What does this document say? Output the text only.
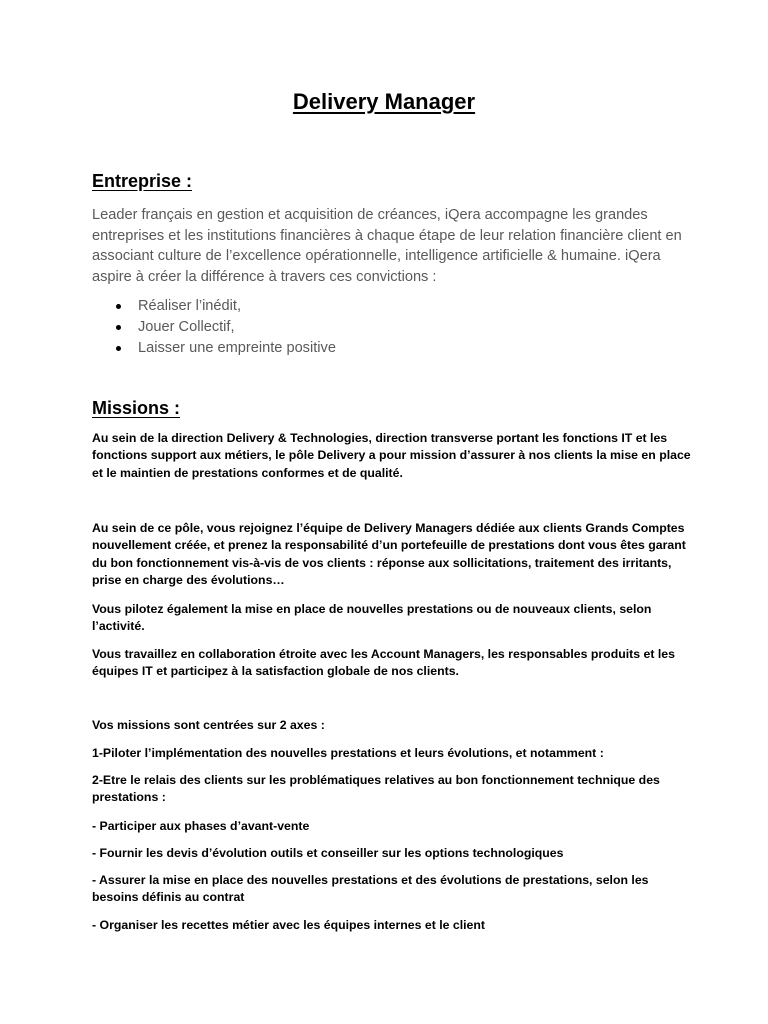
Delivery Manager
Entreprise :

Leader français en gestion et acquisition de créances, iQera accompagne les grandes entreprises et les institutions financières à chaque étape de leur relation financière client en associant culture de l’excellence opérationnelle, intelligence artificielle & humaine. iQera aspire à créer la différence à travers ces convictions :

Réaliser l’inédit,
Jouer Collectif,
Laisser une empreinte positive
Missions :

Au sein de la direction Delivery & Technologies, direction transverse portant les fonctions IT et les fonctions support aux métiers, le pôle Delivery a pour mission d’assurer à nos clients la mise en place et le maintien de prestations conformes et de qualité.

Au sein de ce pôle, vous rejoignez l’équipe de Delivery Managers dédiée aux clients Grands Comptes nouvellement créée, et prenez la responsabilité d’un portefeuille de prestations dont vous êtes garant du bon fonctionnement vis-à-vis de vos clients : réponse aux sollicitations, traitement des irritants, prise en charge des évolutions…

Vous pilotez également la mise en place de nouvelles prestations ou de nouveaux clients, selon l’activité.

Vous travaillez en collaboration étroite avec les Account Managers, les responsables produits et les équipes IT et participez à la satisfaction globale de nos clients.

Vos missions sont centrées sur 2 axes :

1-Piloter l’implémentation des nouvelles prestations et leurs évolutions, et notamment :

2-Etre le relais des clients sur les problématiques relatives au bon fonctionnement technique des prestations :

- Participer aux phases d’avant-vente

- Fournir les devis d’évolution outils et conseiller sur les options technologiques

- Assurer la mise en place des nouvelles prestations et des évolutions de prestations, selon les besoins définis au contrat

- Organiser les recettes métier avec les équipes internes et le client
